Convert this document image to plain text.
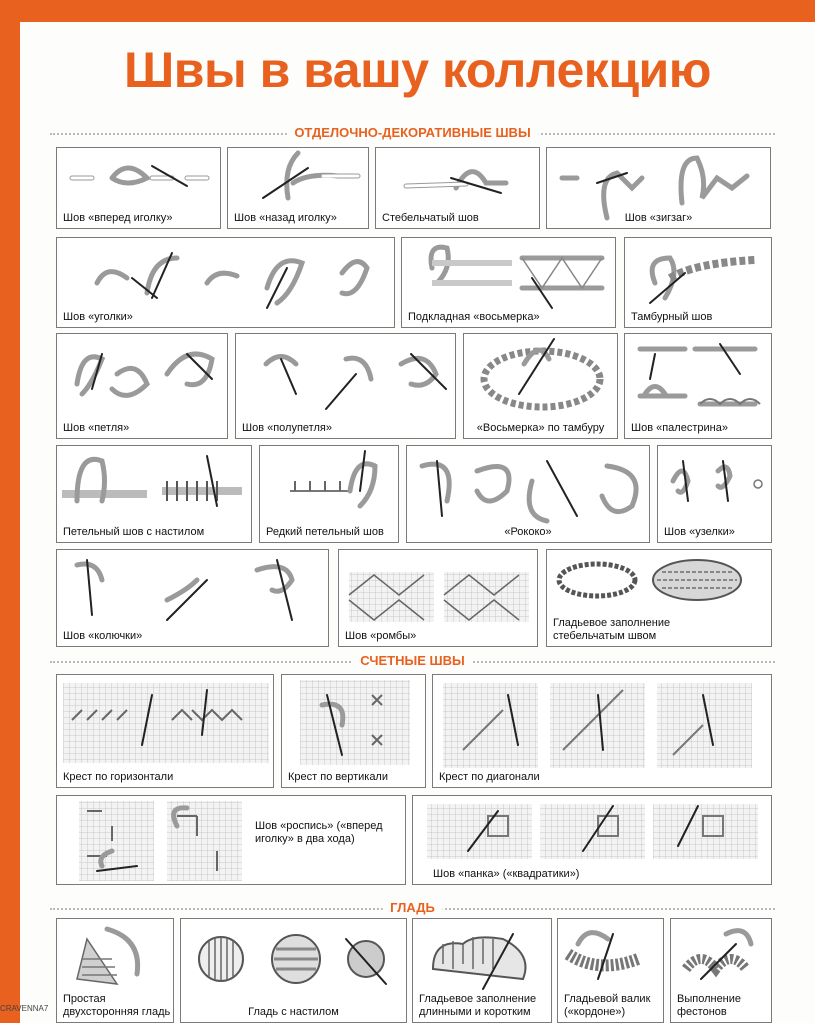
Швы в вашу коллекцию
ОТДЕЛОЧНО-ДЕКОРАТИВНЫЕ ШВЫ
Шов «вперед иголку»	Шов «назад иголку»	Стебельчатый шов	Шов «зигзаг»
Шов «уголки»	Подкладная «восьмерка»	Тамбурный шов
Шов «петля»	Шов «полупетля»	«Восьмерка» по тамбуру	Шов «палестрина»
Петельный шов с настилом	Редкий петельный шов	«Рококо»	Шов «узелки»
Шов «колючки»	Шов «ромбы»
Гладьевое заполнение стебельчатым швом
СЧЕТНЫЕ ШВЫ
Крест по горизонтали	Крест по вертикали	Крест по диагонали
Шов «роспись» («вперед иголку» в два хода)
Шов «панка» («квадратики»)
ГЛАДЬ
Простая двухсторонняя гладь	Гладь с настилом
Гладьевое заполнение длинными и коротким
Гладьевой валик («кордоне»)
Выполнение фестонов
CRAVENNA7
